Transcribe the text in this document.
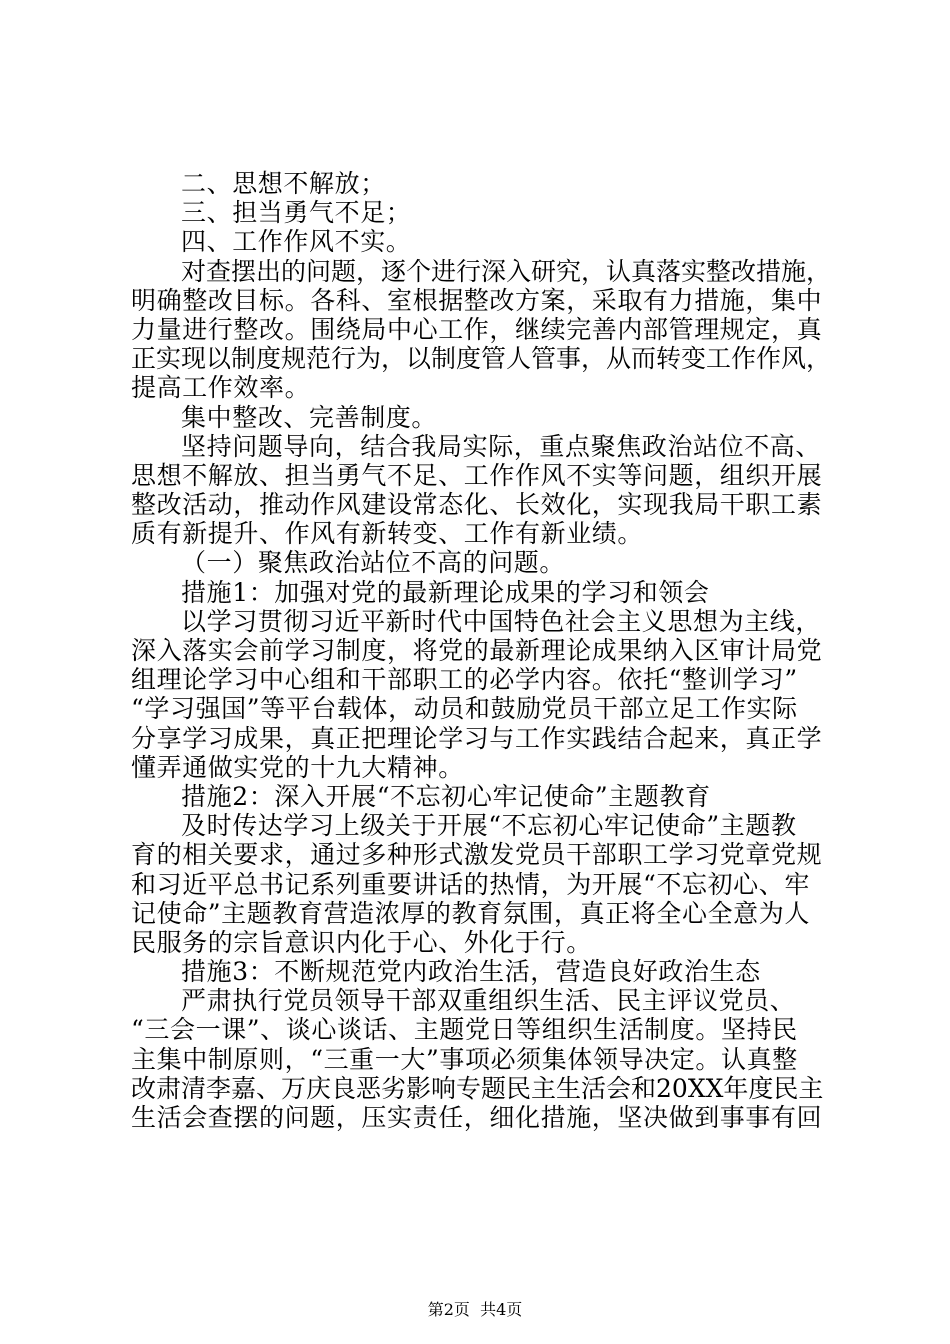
二、思想不解放；
三、担当勇气不足；
四、工作作风不实。
对查摆出的问题，逐个进行深入研究，认真落实整改措施，
明确整改目标。各科、室根据整改方案，采取有力措施，集中
力量进行整改。围绕局中心工作，继续完善内部管理规定，真
正实现以制度规范行为，以制度管人管事，从而转变工作作风，
提高工作效率。
集中整改、完善制度。
坚持问题导向，结合我局实际，重点聚焦政治站位不高、
思想不解放、担当勇气不足、工作作风不实等问题，组织开展
整改活动，推动作风建设常态化、长效化，实现我局干职工素
质有新提升、作风有新转变、工作有新业绩。
（一）聚焦政治站位不高的问题。
措施1：加强对党的最新理论成果的学习和领会
以学习贯彻习近平新时代中国特色社会主义思想为主线，
深入落实会前学习制度，将党的最新理论成果纳入区审计局党
组理论学习中心组和干部职工的必学内容。依托“整训学习”
“学习强国”等平台载体，动员和鼓励党员干部立足工作实际
分享学习成果，真正把理论学习与工作实践结合起来，真正学
懂弄通做实党的十九大精神。
措施2：深入开展“不忘初心牢记使命”主题教育
及时传达学习上级关于开展“不忘初心牢记使命”主题教
育的相关要求，通过多种形式激发党员干部职工学习党章党规
和习近平总书记系列重要讲话的热情，为开展“不忘初心、牢
记使命”主题教育营造浓厚的教育氛围，真正将全心全意为人
民服务的宗旨意识内化于心、外化于行。
措施3：不断规范党内政治生活，营造良好政治生态
严肃执行党员领导干部双重组织生活、民主评议党员、
“三会一课”、谈心谈话、主题党日等组织生活制度。坚持民
主集中制原则，“三重一大”事项必须集体领导决定。认真整
改肃清李嘉、万庆良恶劣影响专题民主生活会和20XX年度民主
生活会查摆的问题，压实责任，细化措施，坚决做到事事有回
第2页  共4页
